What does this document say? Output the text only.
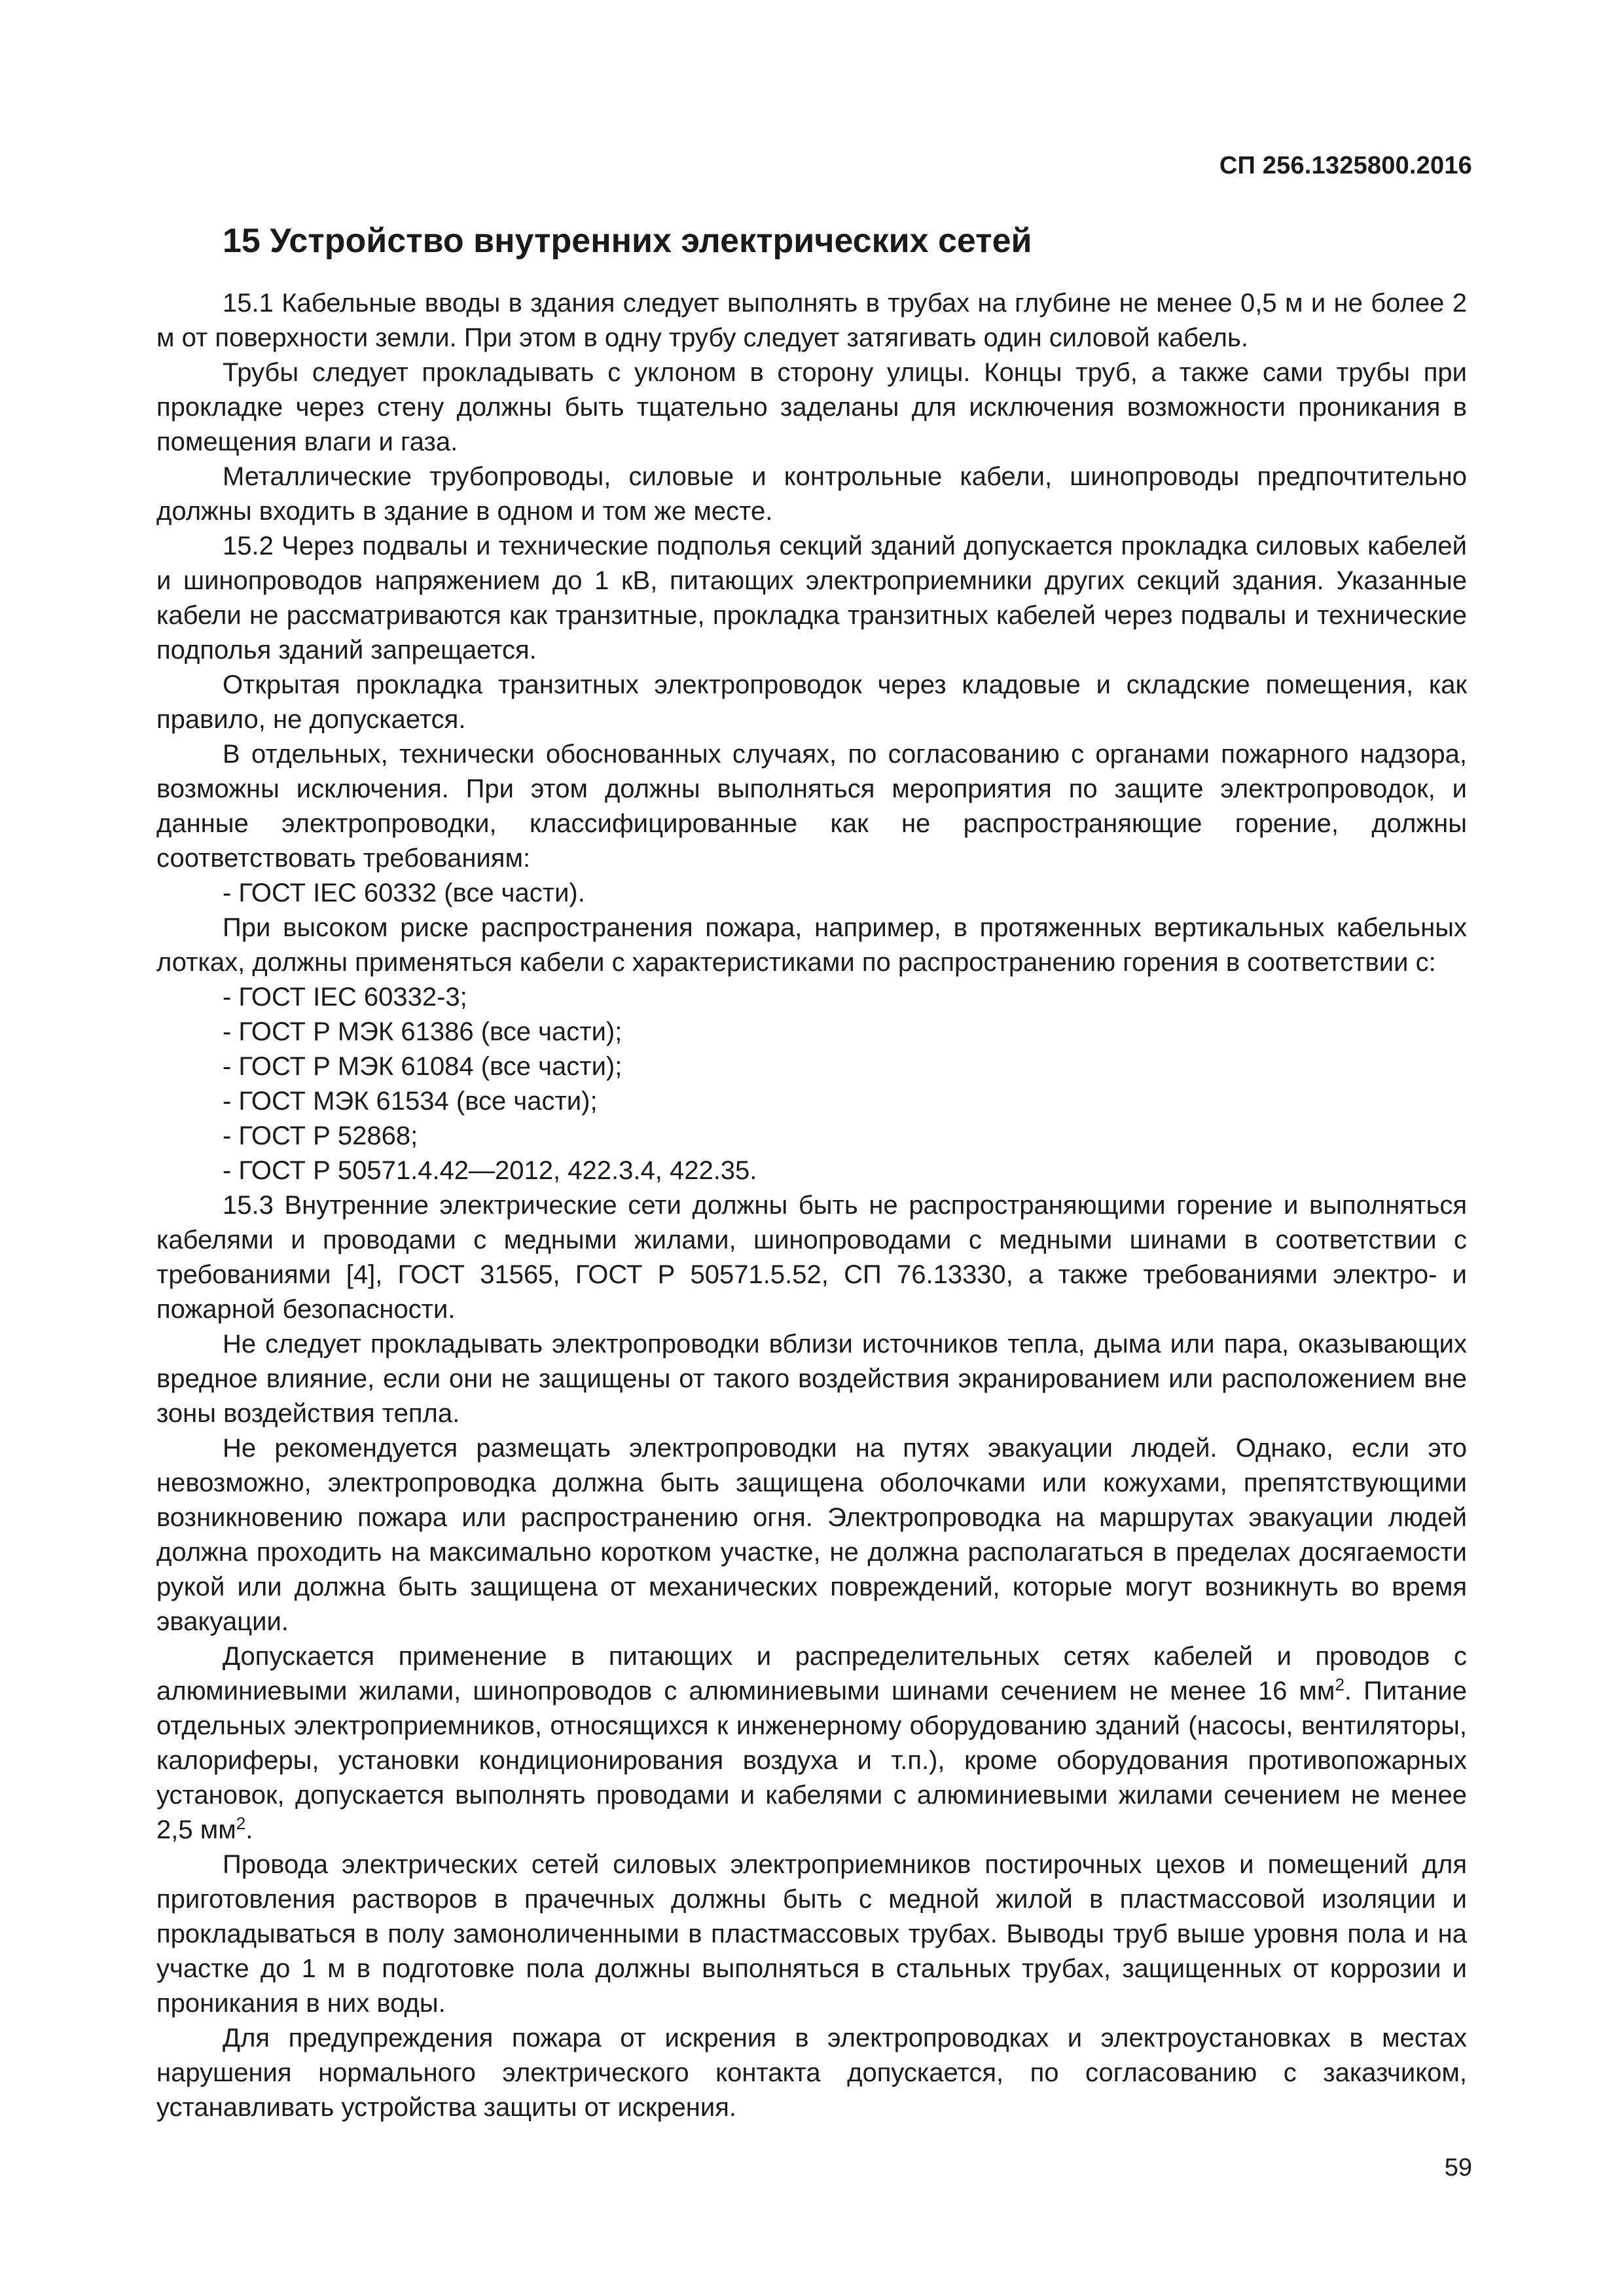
СП 256.1325800.2016
15 Устройство внутренних электрических сетей

15.1 Кабельные вводы в здания следует выполнять в трубах на глубине не менее 0,5 м и не более 2 м от поверхности земли. При этом в одну трубу следует затягивать один силовой кабель.

Трубы следует прокладывать с уклоном в сторону улицы. Концы труб, а также сами трубы при прокладке через стену должны быть тщательно заделаны для исключения возможности проникания в помещения влаги и газа.

Металлические трубопроводы, силовые и контрольные кабели, шинопроводы предпочтительно должны входить в здание в одном и том же месте.

15.2 Через подвалы и технические подполья секций зданий допускается прокладка силовых кабелей и шинопроводов напряжением до 1 кВ, питающих электроприемники других секций здания. Указанные кабели не рассматриваются как транзитные, прокладка транзитных кабелей через подвалы и технические подполья зданий запрещается.

Открытая прокладка транзитных электропроводок через кладовые и складские помещения, как правило, не допускается.

В отдельных, технически обоснованных случаях, по согласованию с органами пожарного надзора, возможны исключения. При этом должны выполняться мероприятия по защите электропроводок, и данные электропроводки, классифицированные как не распространяющие горение, должны соответствовать требованиям:

- ГОСТ IEC 60332 (все части).

При высоком риске распространения пожара, например, в протяженных вертикальных кабельных лотках, должны применяться кабели с характеристиками по распространению горения в соответствии с:

- ГОСТ IEC 60332-3;

- ГОСТ Р МЭК 61386 (все части);

- ГОСТ Р МЭК 61084 (все части);

- ГОСТ МЭК 61534 (все части);

- ГОСТ Р 52868;

- ГОСТ Р 50571.4.42—2012, 422.3.4, 422.35.

15.3 Внутренние электрические сети должны быть не распространяющими горение и выполняться кабелями и проводами с медными жилами, шинопроводами с медными шинами в соответствии с требованиями [4], ГОСТ 31565, ГОСТ Р 50571.5.52, СП 76.13330, а также требованиями электро- и пожарной безопасности.

Не следует прокладывать электропроводки вблизи источников тепла, дыма или пара, оказывающих вредное влияние, если они не защищены от такого воздействия экранированием или расположением вне зоны воздействия тепла.

Не рекомендуется размещать электропроводки на путях эвакуации людей. Однако, если это невозможно, электропроводка должна быть защищена оболочками или кожухами, препятствующими возникновению пожара или распространению огня. Электропроводка на маршрутах эвакуации людей должна проходить на максимально коротком участке, не должна располагаться в пределах досягаемости рукой или должна быть защищена от механических повреждений, которые могут возникнуть во время эвакуации.

Допускается применение в питающих и распределительных сетях кабелей и проводов с алюминиевыми жилами, шинопроводов с алюминиевыми шинами сечением не менее 16 $мм^2$. Питание отдельных электроприемников, относящихся к инженерному оборудованию зданий (насосы, вентиляторы, калориферы, установки кондиционирования воздуха и т.п.), кроме оборудования противопожарных установок, допускается выполнять проводами и кабелями с алюминиевыми жилами сечением не менее 2,5 $мм^2$.

Провода электрических сетей силовых электроприемников постирочных цехов и помещений для приготовления растворов в прачечных должны быть с медной жилой в пластмассовой изоляции и прокладываться в полу замоноличенными в пластмассовых трубах. Выводы труб выше уровня пола и на участке до 1 м в подготовке пола должны выполняться в стальных трубах, защищенных от коррозии и проникания в них воды.

Для предупреждения пожара от искрения в электропроводках и электроустановках в местах нарушения нормального электрического контакта допускается, по согласованию с заказчиком, устанавливать устройства защиты от искрения.

59
